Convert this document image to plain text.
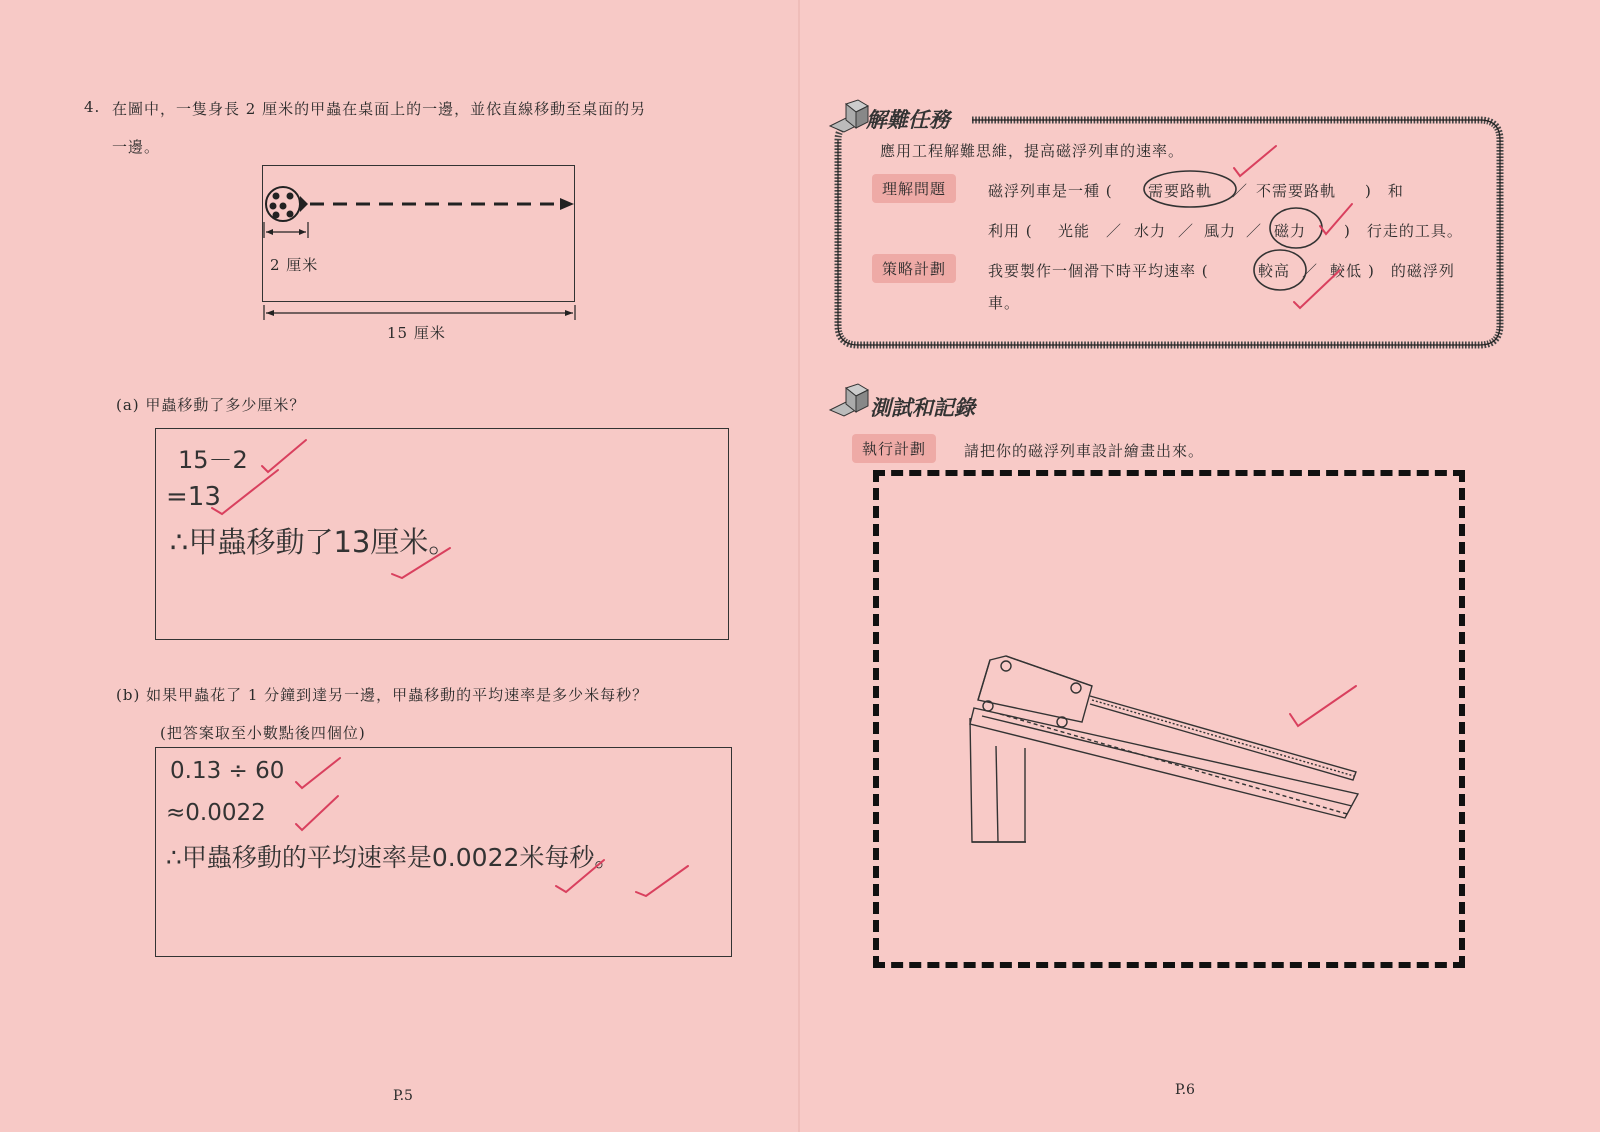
4. 在圖中，一隻身長 2 厘米的甲蟲在桌面上的一邊，並依直線移動至桌面的另
一邊。
2 厘米
15 厘米
(a) 甲蟲移動了多少厘米？
15－2
=13
∴甲蟲移動了13厘米。
(b) 如果甲蟲花了 1 分鐘到達另一邊，甲蟲移動的平均速率是多少米每秒？
(把答案取至小數點後四個位)
0.13 ÷ 60
≈0.0022
∴甲蟲移動的平均速率是0.0022米每秒。
P.5
解難任務
應用工程解難思維，提高磁浮列車的速率。
理解問題	磁浮列車是一種 ( 需要路軌 ／ 不需要路軌 )　和
利用 ( 光能 ／ 水力 ／ 風力 ／ 磁力	)　行走的工具。
策略計劃	我要製作一個滑下時平均速率 (	較高 ／ 較低 )　的磁浮列
車。
測試和記錄
執行計劃	請把你的磁浮列車設計繪畫出來。
P.6
